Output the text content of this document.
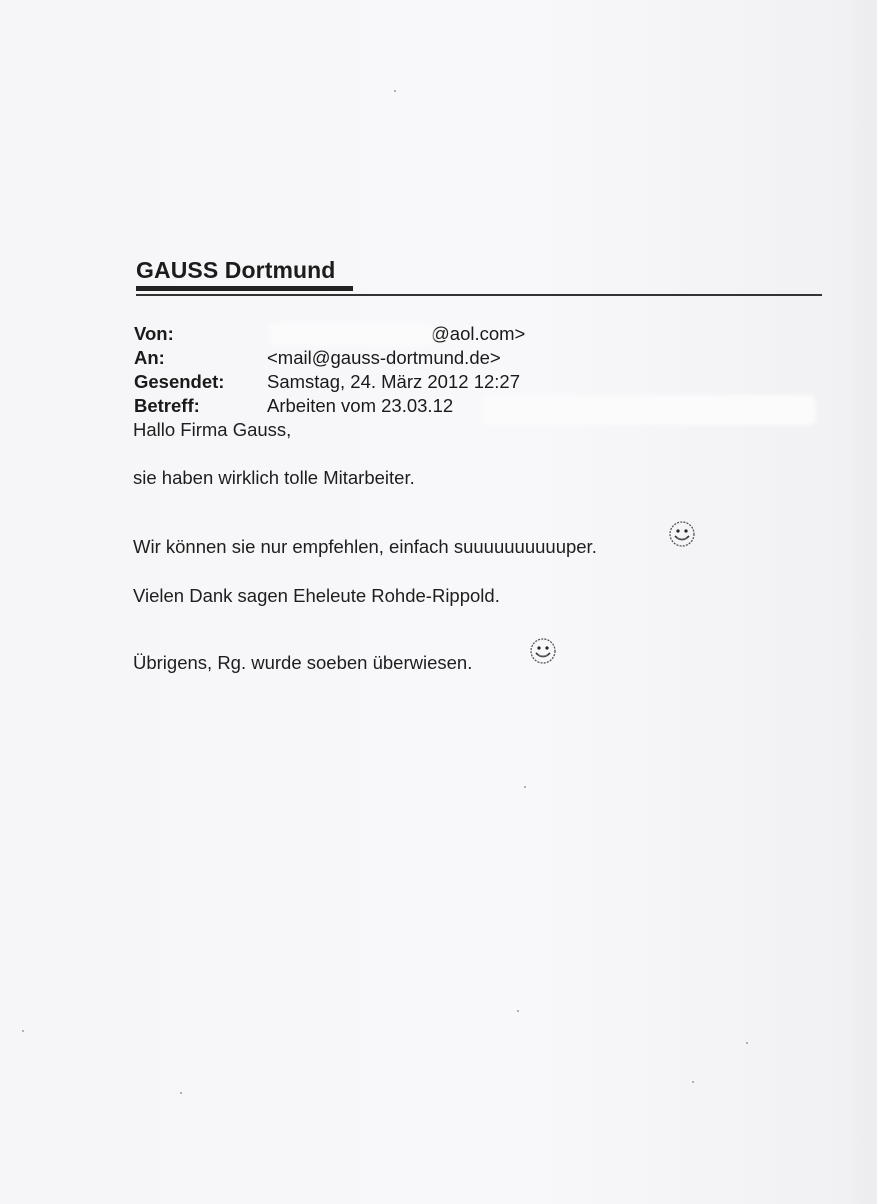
GAUSS Dortmund
Von:	@aol.com>
An:	<mail@gauss-dortmund.de>
Gesendet: Samstag, 24. März 2012 12:27
Betreff:	Arbeiten vom 23.03.12
Hallo Firma Gauss,
sie haben wirklich tolle Mitarbeiter.
Wir können sie nur empfehlen, einfach suuuuuuuuuuper.
Vielen Dank sagen Eheleute Rohde-Rippold.
Übrigens, Rg. wurde soeben überwiesen.
